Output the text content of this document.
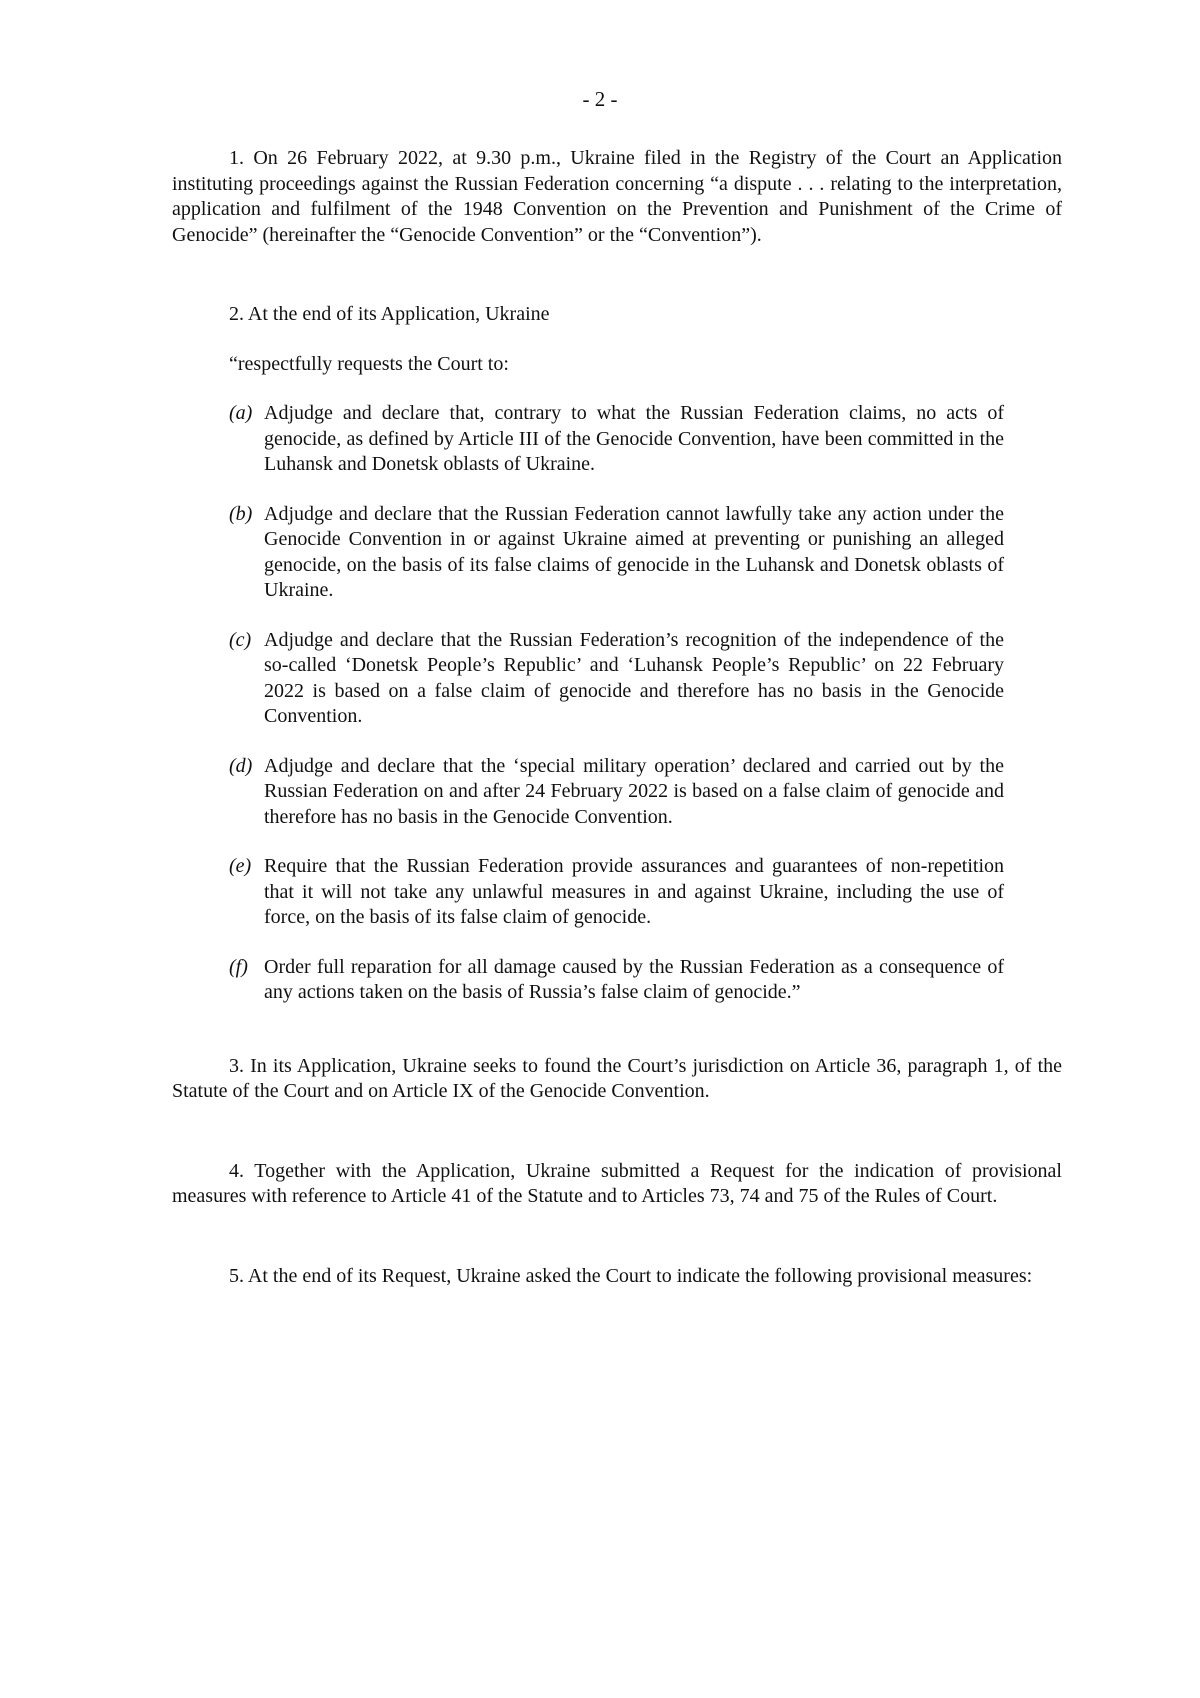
- 2 -

1. On 26 February 2022, at 9.30 p.m., Ukraine filed in the Registry of the Court an Application instituting proceedings against the Russian Federation concerning “a dispute . . . relating to the interpretation, application and fulfilment of the 1948 Convention on the Prevention and Punishment of the Crime of Genocide” (hereinafter the “Genocide Convention” or the “Convention”).

2. At the end of its Application, Ukraine

“respectfully requests the Court to:

(a) Adjudge and declare that, contrary to what the Russian Federation claims, no acts of genocide, as defined by Article III of the Genocide Convention, have been committed in the Luhansk and Donetsk oblasts of Ukraine.
(b) Adjudge and declare that the Russian Federation cannot lawfully take any action under the Genocide Convention in or against Ukraine aimed at preventing or punishing an alleged genocide, on the basis of its false claims of genocide in the Luhansk and Donetsk oblasts of Ukraine.
(c) Adjudge and declare that the Russian Federation’s recognition of the independence of the so-called ‘Donetsk People’s Republic’ and ‘Luhansk People’s Republic’ on 22 February 2022 is based on a false claim of genocide and therefore has no basis in the Genocide Convention.
(d) Adjudge and declare that the ‘special military operation’ declared and carried out by the Russian Federation on and after 24 February 2022 is based on a false claim of genocide and therefore has no basis in the Genocide Convention.
(e) Require that the Russian Federation provide assurances and guarantees of non-repetition that it will not take any unlawful measures in and against Ukraine, including the use of force, on the basis of its false claim of genocide.
(f) Order full reparation for all damage caused by the Russian Federation as a consequence of any actions taken on the basis of Russia’s false claim of genocide.”

3. In its Application, Ukraine seeks to found the Court’s jurisdiction on Article 36, paragraph 1, of the Statute of the Court and on Article IX of the Genocide Convention.

4. Together with the Application, Ukraine submitted a Request for the indication of provisional measures with reference to Article 41 of the Statute and to Articles 73, 74 and 75 of the Rules of Court.

5. At the end of its Request, Ukraine asked the Court to indicate the following provisional measures:
